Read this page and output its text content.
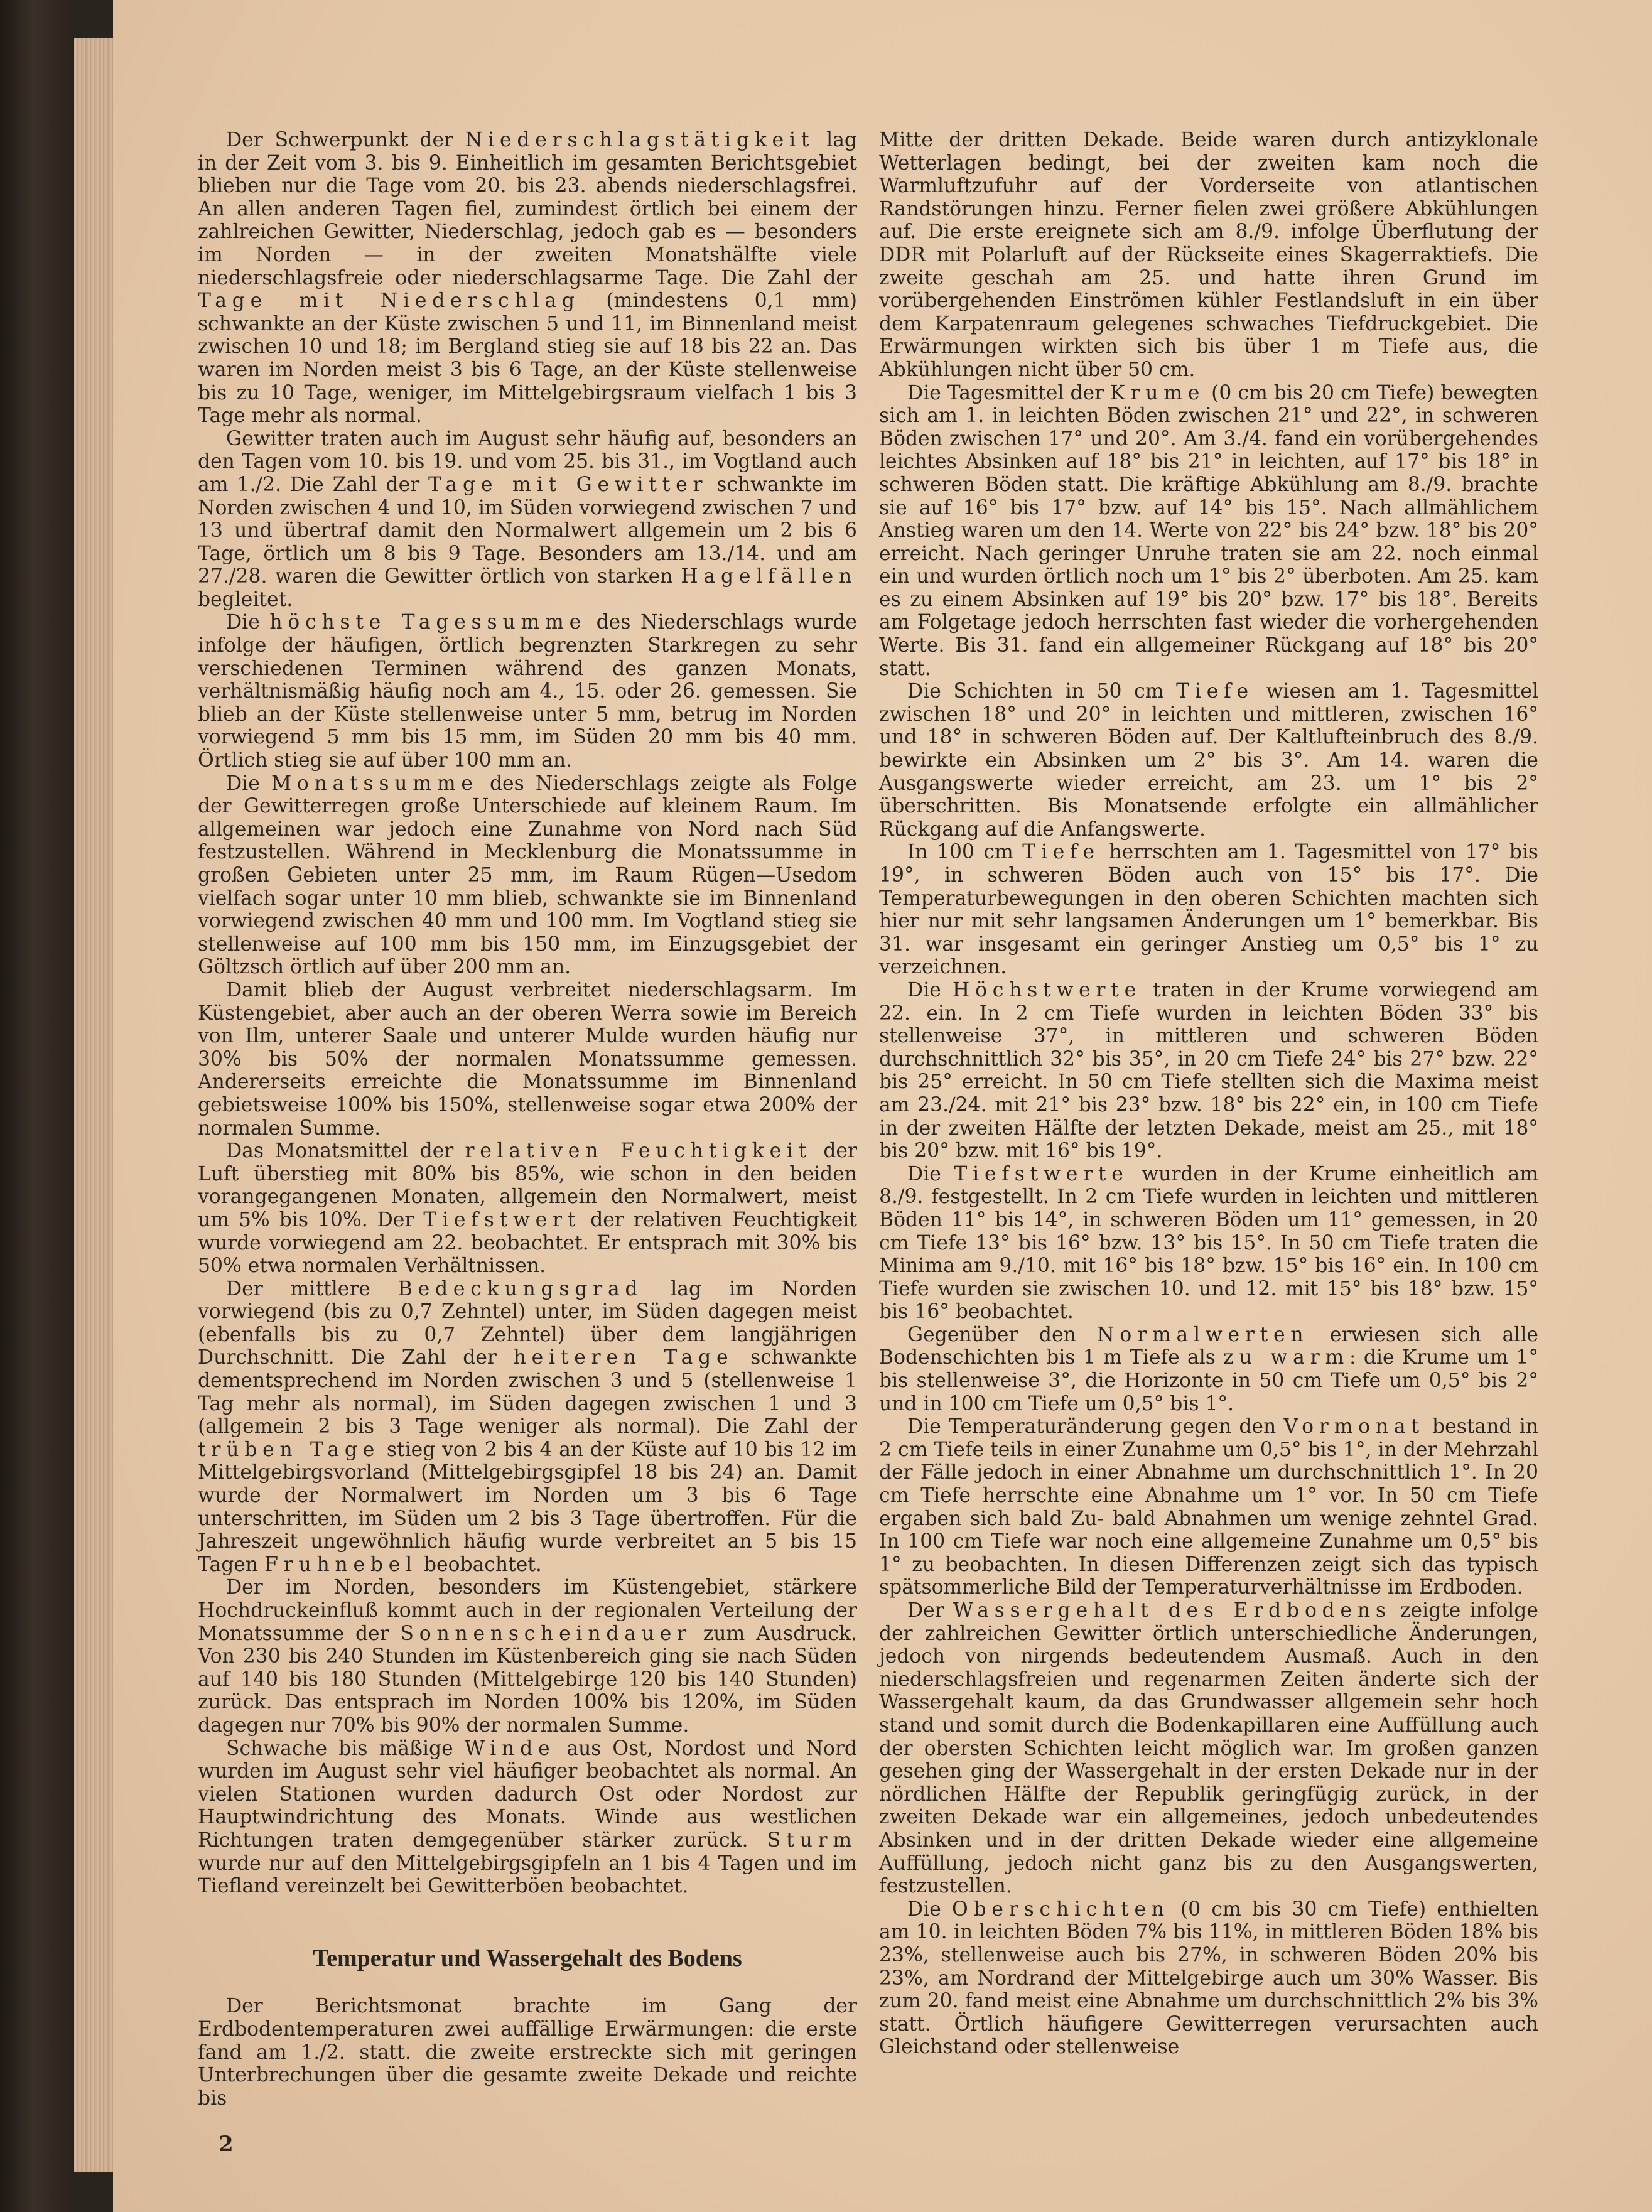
Der Schwerpunkt der Niederschlagstätigkeit lag in der Zeit vom 3. bis 9. Einheitlich im gesamten Berichtsgebiet blieben nur die Tage vom 20. bis 23. abends niederschlagsfrei. An allen anderen Tagen fiel, zumindest örtlich bei einem der zahlreichen Gewitter, Niederschlag, jedoch gab es — besonders im Norden — in der zweiten Monatshälfte viele niederschlagsfreie oder niederschlagsarme Tage. Die Zahl der Tage mit Niederschlag (mindestens 0,1 mm) schwankte an der Küste zwischen 5 und 11, im Binnenland meist zwischen 10 und 18; im Bergland stieg sie auf 18 bis 22 an. Das waren im Norden meist 3 bis 6 Tage, an der Küste stellenweise bis zu 10 Tage, weniger, im Mittelgebirgsraum vielfach 1 bis 3 Tage mehr als normal.

Gewitter traten auch im August sehr häufig auf, besonders an den Tagen vom 10. bis 19. und vom 25. bis 31., im Vogtland auch am 1./2. Die Zahl der Tage mit Gewitter schwankte im Norden zwischen 4 und 10, im Süden vorwiegend zwischen 7 und 13 und übertraf damit den Normalwert allgemein um 2 bis 6 Tage, örtlich um 8 bis 9 Tage. Besonders am 13./14. und am 27./28. waren die Gewitter örtlich von starken Hagelfällen begleitet.

Die höchste Tagessumme des Niederschlags wurde infolge der häufigen, örtlich begrenzten Starkregen zu sehr verschiedenen Terminen während des ganzen Monats, verhältnismäßig häufig noch am 4., 15. oder 26. gemessen. Sie blieb an der Küste stellenweise unter 5 mm, betrug im Norden vorwiegend 5 mm bis 15 mm, im Süden 20 mm bis 40 mm. Örtlich stieg sie auf über 100 mm an.

Die Monatssumme des Niederschlags zeigte als Folge der Gewitterregen große Unterschiede auf kleinem Raum. Im allgemeinen war jedoch eine Zunahme von Nord nach Süd festzustellen. Während in Mecklenburg die Monatssumme in großen Gebieten unter 25 mm, im Raum Rügen—Usedom vielfach sogar unter 10 mm blieb, schwankte sie im Binnenland vorwiegend zwischen 40 mm und 100 mm. Im Vogtland stieg sie stellenweise auf 100 mm bis 150 mm, im Einzugsgebiet der Göltzsch örtlich auf über 200 mm an.

Damit blieb der August verbreitet niederschlagsarm. Im Küstengebiet, aber auch an der oberen Werra sowie im Bereich von Ilm, unterer Saale und unterer Mulde wurden häufig nur 30% bis 50% der normalen Monatssumme gemessen. Andererseits erreichte die Monatssumme im Binnenland gebietsweise 100% bis 150%, stellenweise sogar etwa 200% der normalen Summe.

Das Monatsmittel der relativen Feuchtigkeit der Luft überstieg mit 80% bis 85%, wie schon in den beiden vorangegangenen Monaten, allgemein den Normalwert, meist um 5% bis 10%. Der Tiefstwert der relativen Feuchtigkeit wurde vorwiegend am 22. beobachtet. Er entsprach mit 30% bis 50% etwa normalen Verhältnissen.

Der mittlere Bedeckungsgrad lag im Norden vorwiegend (bis zu 0,7 Zehntel) unter, im Süden dagegen meist (ebenfalls bis zu 0,7 Zehntel) über dem langjährigen Durchschnitt. Die Zahl der heiteren Tage schwankte dementsprechend im Norden zwischen 3 und 5 (stellenweise 1 Tag mehr als normal), im Süden dagegen zwischen 1 und 3 (allgemein 2 bis 3 Tage weniger als normal). Die Zahl der trüben Tage stieg von 2 bis 4 an der Küste auf 10 bis 12 im Mittelgebirgsvorland (Mittelgebirgsgipfel 18 bis 24) an. Damit wurde der Normalwert im Norden um 3 bis 6 Tage unterschritten, im Süden um 2 bis 3 Tage übertroffen. Für die Jahreszeit ungewöhnlich häufig wurde verbreitet an 5 bis 15 Tagen Fruhnebel beobachtet.

Der im Norden, besonders im Küstengebiet, stärkere Hochdruckeinfluß kommt auch in der regionalen Verteilung der Monatssumme der Sonnenscheindauer zum Ausdruck. Von 230 bis 240 Stunden im Küstenbereich ging sie nach Süden auf 140 bis 180 Stunden (Mittelgebirge 120 bis 140 Stunden) zurück. Das entsprach im Norden 100% bis 120%, im Süden dagegen nur 70% bis 90% der normalen Summe.

Schwache bis mäßige Winde aus Ost, Nordost und Nord wurden im August sehr viel häufiger beobachtet als normal. An vielen Stationen wurden dadurch Ost oder Nordost zur Hauptwindrichtung des Monats. Winde aus westlichen Richtungen traten demgegenüber stärker zurück. Sturm wurde nur auf den Mittelgebirgsgipfeln an 1 bis 4 Tagen und im Tiefland vereinzelt bei Gewitterböen beobachtet.

Temperatur und Wassergehalt des Bodens

Der Berichtsmonat brachte im Gang der Erdbodentemperaturen zwei auffällige Erwärmungen: die erste fand am 1./2. statt. die zweite erstreckte sich mit geringen Unterbrechungen über die gesamte zweite Dekade und reichte bis

Mitte der dritten Dekade. Beide waren durch antizyklonale Wetterlagen bedingt, bei der zweiten kam noch die Warmluftzufuhr auf der Vorderseite von atlantischen Randstörungen hinzu. Ferner fielen zwei größere Abkühlungen auf. Die erste ereignete sich am 8./9. infolge Überflutung der DDR mit Polarluft auf der Rückseite eines Skagerraktiefs. Die zweite geschah am 25. und hatte ihren Grund im vorübergehenden Einströmen kühler Festlandsluft in ein über dem Karpatenraum gelegenes schwaches Tiefdruckgebiet. Die Erwärmungen wirkten sich bis über 1 m Tiefe aus, die Abkühlungen nicht über 50 cm.

Die Tagesmittel der Krume (0 cm bis 20 cm Tiefe) bewegten sich am 1. in leichten Böden zwischen 21° und 22°, in schweren Böden zwischen 17° und 20°. Am 3./4. fand ein vorübergehendes leichtes Absinken auf 18° bis 21° in leichten, auf 17° bis 18° in schweren Böden statt. Die kräftige Abkühlung am 8./9. brachte sie auf 16° bis 17° bzw. auf 14° bis 15°. Nach allmählichem Anstieg waren um den 14. Werte von 22° bis 24° bzw. 18° bis 20° erreicht. Nach geringer Unruhe traten sie am 22. noch einmal ein und wurden örtlich noch um 1° bis 2° überboten. Am 25. kam es zu einem Absinken auf 19° bis 20° bzw. 17° bis 18°. Bereits am Folgetage jedoch herrschten fast wieder die vorhergehenden Werte. Bis 31. fand ein allgemeiner Rückgang auf 18° bis 20° statt.

Die Schichten in 50 cm Tiefe wiesen am 1. Tagesmittel zwischen 18° und 20° in leichten und mittleren, zwischen 16° und 18° in schweren Böden auf. Der Kaltlufteinbruch des 8./9. bewirkte ein Absinken um 2° bis 3°. Am 14. waren die Ausgangswerte wieder erreicht, am 23. um 1° bis 2° überschritten. Bis Monatsende erfolgte ein allmählicher Rückgang auf die Anfangswerte.

In 100 cm Tiefe herrschten am 1. Tagesmittel von 17° bis 19°, in schweren Böden auch von 15° bis 17°. Die Temperaturbewegungen in den oberen Schichten machten sich hier nur mit sehr langsamen Änderungen um 1° bemerkbar. Bis 31. war insgesamt ein geringer Anstieg um 0,5° bis 1° zu verzeichnen.

Die Höchstwerte traten in der Krume vorwiegend am 22. ein. In 2 cm Tiefe wurden in leichten Böden 33° bis stellenweise 37°, in mittleren und schweren Böden durchschnittlich 32° bis 35°, in 20 cm Tiefe 24° bis 27° bzw. 22° bis 25° erreicht. In 50 cm Tiefe stellten sich die Maxima meist am 23./24. mit 21° bis 23° bzw. 18° bis 22° ein, in 100 cm Tiefe in der zweiten Hälfte der letzten Dekade, meist am 25., mit 18° bis 20° bzw. mit 16° bis 19°.

Die Tiefstwerte wurden in der Krume einheitlich am 8./9. festgestellt. In 2 cm Tiefe wurden in leichten und mittleren Böden 11° bis 14°, in schweren Böden um 11° gemessen, in 20 cm Tiefe 13° bis 16° bzw. 13° bis 15°. In 50 cm Tiefe traten die Minima am 9./10. mit 16° bis 18° bzw. 15° bis 16° ein. In 100 cm Tiefe wurden sie zwischen 10. und 12. mit 15° bis 18° bzw. 15° bis 16° beobachtet.

Gegenüber den Normalwerten erwiesen sich alle Bodenschichten bis 1 m Tiefe als zu warm: die Krume um 1° bis stellenweise 3°, die Horizonte in 50 cm Tiefe um 0,5° bis 2° und in 100 cm Tiefe um 0,5° bis 1°.

Die Temperaturänderung gegen den Vormonat bestand in 2 cm Tiefe teils in einer Zunahme um 0,5° bis 1°, in der Mehrzahl der Fälle jedoch in einer Abnahme um durchschnittlich 1°. In 20 cm Tiefe herrschte eine Abnahme um 1° vor. In 50 cm Tiefe ergaben sich bald Zu- bald Abnahmen um wenige zehntel Grad. In 100 cm Tiefe war noch eine allgemeine Zunahme um 0,5° bis 1° zu beobachten. In diesen Differenzen zeigt sich das typisch spätsommerliche Bild der Temperaturverhältnisse im Erdboden.

Der Wassergehalt des Erdbodens zeigte infolge der zahlreichen Gewitter örtlich unterschiedliche Änderungen, jedoch von nirgends bedeutendem Ausmaß. Auch in den niederschlagsfreien und regenarmen Zeiten änderte sich der Wassergehalt kaum, da das Grundwasser allgemein sehr hoch stand und somit durch die Bodenkapillaren eine Auffüllung auch der obersten Schichten leicht möglich war. Im großen ganzen gesehen ging der Wassergehalt in der ersten Dekade nur in der nördlichen Hälfte der Republik geringfügig zurück, in der zweiten Dekade war ein allgemeines, jedoch unbedeutendes Absinken und in der dritten Dekade wieder eine allgemeine Auffüllung, jedoch nicht ganz bis zu den Ausgangswerten, festzustellen.

Die Oberschichten (0 cm bis 30 cm Tiefe) enthielten am 10. in leichten Böden 7% bis 11%, in mittleren Böden 18% bis 23%, stellenweise auch bis 27%, in schweren Böden 20% bis 23%, am Nordrand der Mittelgebirge auch um 30% Wasser. Bis zum 20. fand meist eine Abnahme um durchschnittlich 2% bis 3% statt. Örtlich häufigere Gewitterregen verursachten auch Gleichstand oder stellenweise

2
